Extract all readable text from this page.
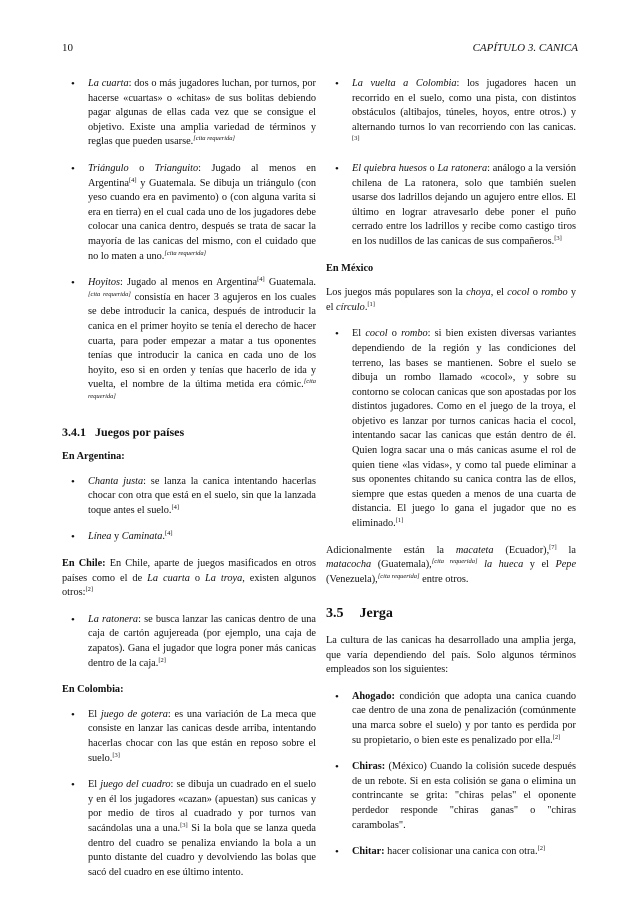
10	CAPÍTULO 3. CANICA
• La cuarta: dos o más jugadores luchan, por turnos, por hacerse «cuartas» o «chitas» de sus bolitas debiendo pagar algunas de ellas cada vez que se consigue el objetivo. Existe una amplia variedad de términos y reglas que pueden usarse.[cita requerida]
• Triángulo o Trianguito: Jugado al menos en Argentina[4] y Guatemala. Se dibuja un triángulo (con yeso cuando era en pavimento) o (con alguna varita si era en tierra) en el cual cada uno de los jugadores debe colocar una canica dentro, después se trata de sacar la mayoría de las canicas del mismo, con el cuidado que no lo maten a uno.[cita requerida]
• Hoyitos: Jugado al menos en Argentina[4] Guatemala.[cita requerida] consistía en hacer 3 agujeros en los cuales se debe introducir la canica, después de introducir la canica en el primer hoyito se tenía el derecho de hacer cuarta, para poder empezar a matar a tus oponentes tenías que introducir la canica en cada uno de los hoyito, eso si en orden y tenías que hacerlo de ida y vuelta, el nombre de la última metida era cómic.[cita requerida]
3.4.1 Juegos por países
En Argentina:
• Chanta justa: se lanza la canica intentando hacerlas chocar con otra que está en el suelo, sin que la lanzada toque antes el suelo.[4]
• Línea y Caminata.[4]

En Chile: En Chile, aparte de juegos masificados en otros países como el de La cuarta o La troya, existen algunos otros:[2]

• La ratonera: se busca lanzar las canicas dentro de una caja de cartón agujereada (por ejemplo, una caja de zapatos). Gana el jugador que logra poner más canicas dentro de la caja.[2]
En Colombia:
• El juego de gotera: es una variación de La meca que consiste en lanzar las canicas desde arriba, intentando hacerlas chocar con las que están en reposo sobre el suelo.[3]
• El juego del cuadro: se dibuja un cuadrado en el suelo y en él los jugadores «cazan» (apuestan) sus canicas y por medio de tiros al cuadrado y por turnos van sacándolas una a una.[3] Si la bola que se lanza queda dentro del cuadro se penaliza enviando la bola a un punto distante del cuadro y devolviendo las bolas que sacó del cuadro en ese último intento.
• La vuelta a Colombia: los jugadores hacen un recorrido en el suelo, como una pista, con distintos obstáculos (altibajos, túneles, hoyos, entre otros.) y alternando turnos lo van recorriendo con las canicas.[3]
• El quiebra huesos o La ratonera: análogo a la versión chilena de La ratonera, solo que también suelen usarse dos ladrillos dejando un agujero entre ellos. El último en lograr atravesarlo debe poner el puño cerrado entre los ladrillos y recibe como castigo tiros en los nudillos de las canicas de sus compañeros.[3]
En México

Los juegos más populares son la choya, el cocol o rombo y el círculo.[1]

• El cocol o rombo: si bien existen diversas variantes dependiendo de la región y las condiciones del terreno, las bases se mantienen. Sobre el suelo se dibuja un rombo llamado «cocol», y sobre su contorno se colocan canicas que son apostadas por los distintos jugadores. Como en el juego de la troya, el objetivo es lanzar por turnos canicas hacia el cocol, intentando sacar las canicas que están dentro de él. Quien logra sacar una o más canicas asume el rol de quien tiene «las vidas», y como tal puede eliminar a sus oponentes chitando su canica contra las de ellos, siempre que estas queden a menos de una cuarta de distancia. El juego lo gana el jugador que no es eliminado.[1]

Adicionalmente están la macateta (Ecuador),[7] la matacocha (Guatemala),[cita requerida] la hueca y el Pepe (Venezuela),[cita requerida] entre otros.

3.5 Jerga

La cultura de las canicas ha desarrollado una amplia jerga, que varía dependiendo del país. Solo algunos términos empleados son los siguientes:

• Ahogado: condición que adopta una canica cuando cae dentro de una zona de penalización (comúnmente una marca sobre el suelo) y por tanto es perdida por su propietario, o bien este es penalizado por ella.[2]
• Chiras: (México) Cuando la colisión sucede después de un rebote. Si en esta colisión se gana o elimina un contrincante se grita: "chiras pelas" el oponente perdedor responde "chiras ganas" o "chiras carambolas".
• Chitar: hacer colisionar una canica con otra.[2]
